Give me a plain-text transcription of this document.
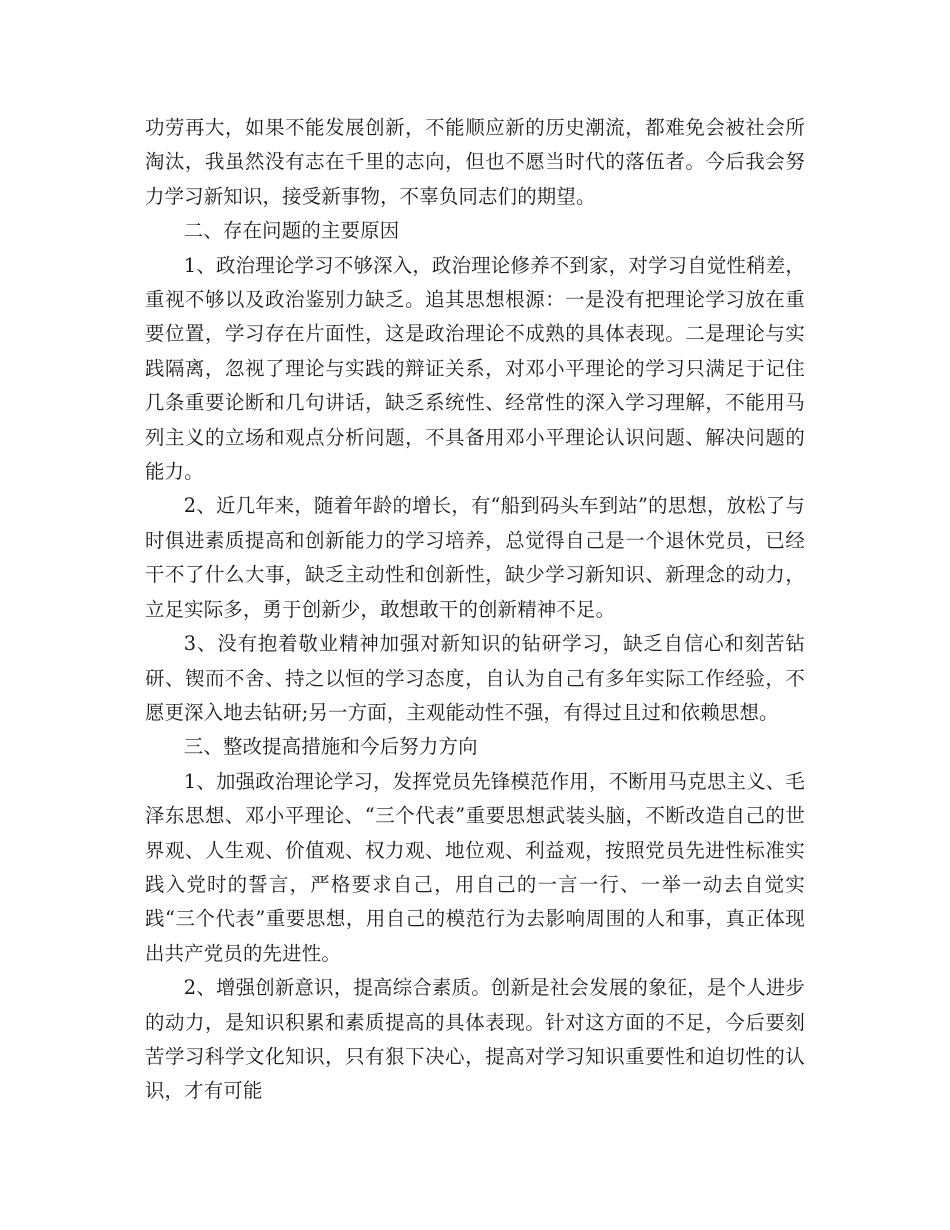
功劳再大，如果不能发展创新，不能顺应新的历史潮流，都难免会被社会所淘汰，我虽然没有志在千里的志向，但也不愿当时代的落伍者。今后我会努力学习新知识，接受新事物，不辜负同志们的期望。

二、存在问题的主要原因

1、政治理论学习不够深入，政治理论修养不到家，对学习自觉性稍差，重视不够以及政治鉴别力缺乏。追其思想根源：一是没有把理论学习放在重要位置，学习存在片面性，这是政治理论不成熟的具体表现。二是理论与实践隔离，忽视了理论与实践的辩证关系，对邓小平理论的学习只满足于记住几条重要论断和几句讲话，缺乏系统性、经常性的深入学习理解，不能用马列主义的立场和观点分析问题，不具备用邓小平理论认识问题、解决问题的能力。

2、近几年来，随着年龄的增长，有“船到码头车到站”的思想，放松了与时俱进素质提高和创新能力的学习培养，总觉得自己是一个退休党员，已经干不了什么大事，缺乏主动性和创新性，缺少学习新知识、新理念的动力，立足实际多，勇于创新少，敢想敢干的创新精神不足。

3、没有抱着敬业精神加强对新知识的钻研学习，缺乏自信心和刻苦钻研、锲而不舍、持之以恒的学习态度，自认为自己有多年实际工作经验，不愿更深入地去钻研;另一方面，主观能动性不强，有得过且过和依赖思想。

三、整改提高措施和今后努力方向

1、加强政治理论学习，发挥党员先锋模范作用，不断用马克思主义、毛泽东思想、邓小平理论、“三个代表”重要思想武装头脑，不断改造自己的世界观、人生观、价值观、权力观、地位观、利益观，按照党员先进性标准实践入党时的誓言，严格要求自己，用自己的一言一行、一举一动去自觉实践“三个代表”重要思想，用自己的模范行为去影响周围的人和事，真正体现出共产党员的先进性。

2、增强创新意识，提高综合素质。创新是社会发展的象征，是个人进步的动力，是知识积累和素质提高的具体表现。针对这方面的不足，今后要刻苦学习科学文化知识，只有狠下决心，提高对学习知识重要性和迫切性的认识，才有可能
